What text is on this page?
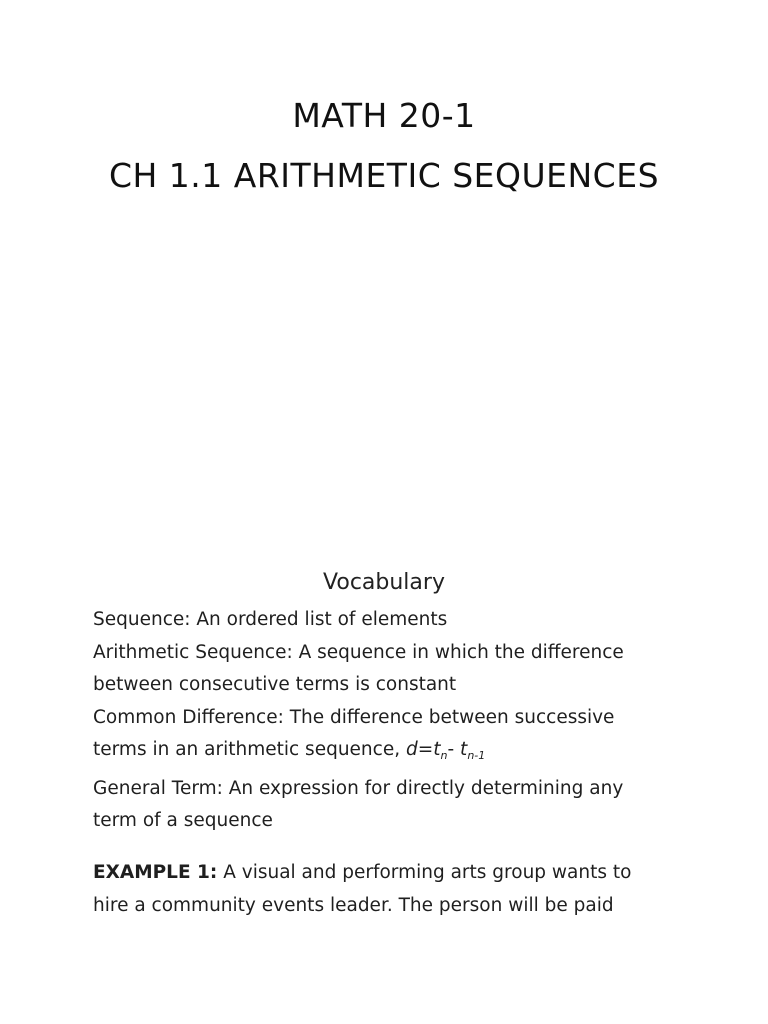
MATH 20-1
CH 1.1 ARITHMETIC SEQUENCES
Vocabulary
Sequence: An ordered list of elements
Arithmetic Sequence: A sequence in which the difference
between consecutive terms is constant
Common Difference: The difference between successive
terms in an arithmetic sequence, $d=t_n-$ $t_{n-1}$
General Term: An expression for directly determining any
term of a sequence
EXAMPLE 1: A visual and performing arts group wants to
hire a community events leader. The person will be paid
